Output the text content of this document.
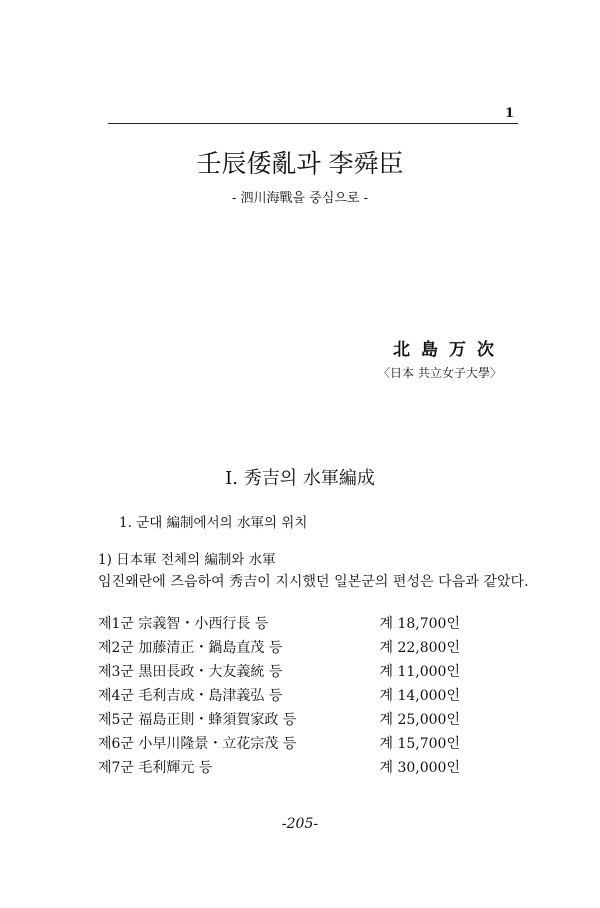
1
壬辰倭亂과 李舜臣
- 泗川海戰을 중심으로 -
北島万次
〈日本 共立女子大學〉
Ⅰ. 秀吉의 水軍編成
1. 군대 編制에서의 水軍의 위치
1) 日本軍 전체의 編制와 水軍
임진왜란에 즈음하여 秀吉이 지시했던 일본군의 편성은 다음과 같았다.
제1군 宗義智・小西行長 등	계 18,700인
제2군 加藤清正・鍋島直茂 등	계 22,800인
제3군 黒田長政・大友義統 등	계 11,000인
제4군 毛利吉成・島津義弘 등	계 14,000인
제5군 福島正則・蜂須賀家政 등	계 25,000인
제6군 小早川隆景・立花宗茂 등	계 15,700인
제7군 毛利輝元 등	계 30,000인
-205-
